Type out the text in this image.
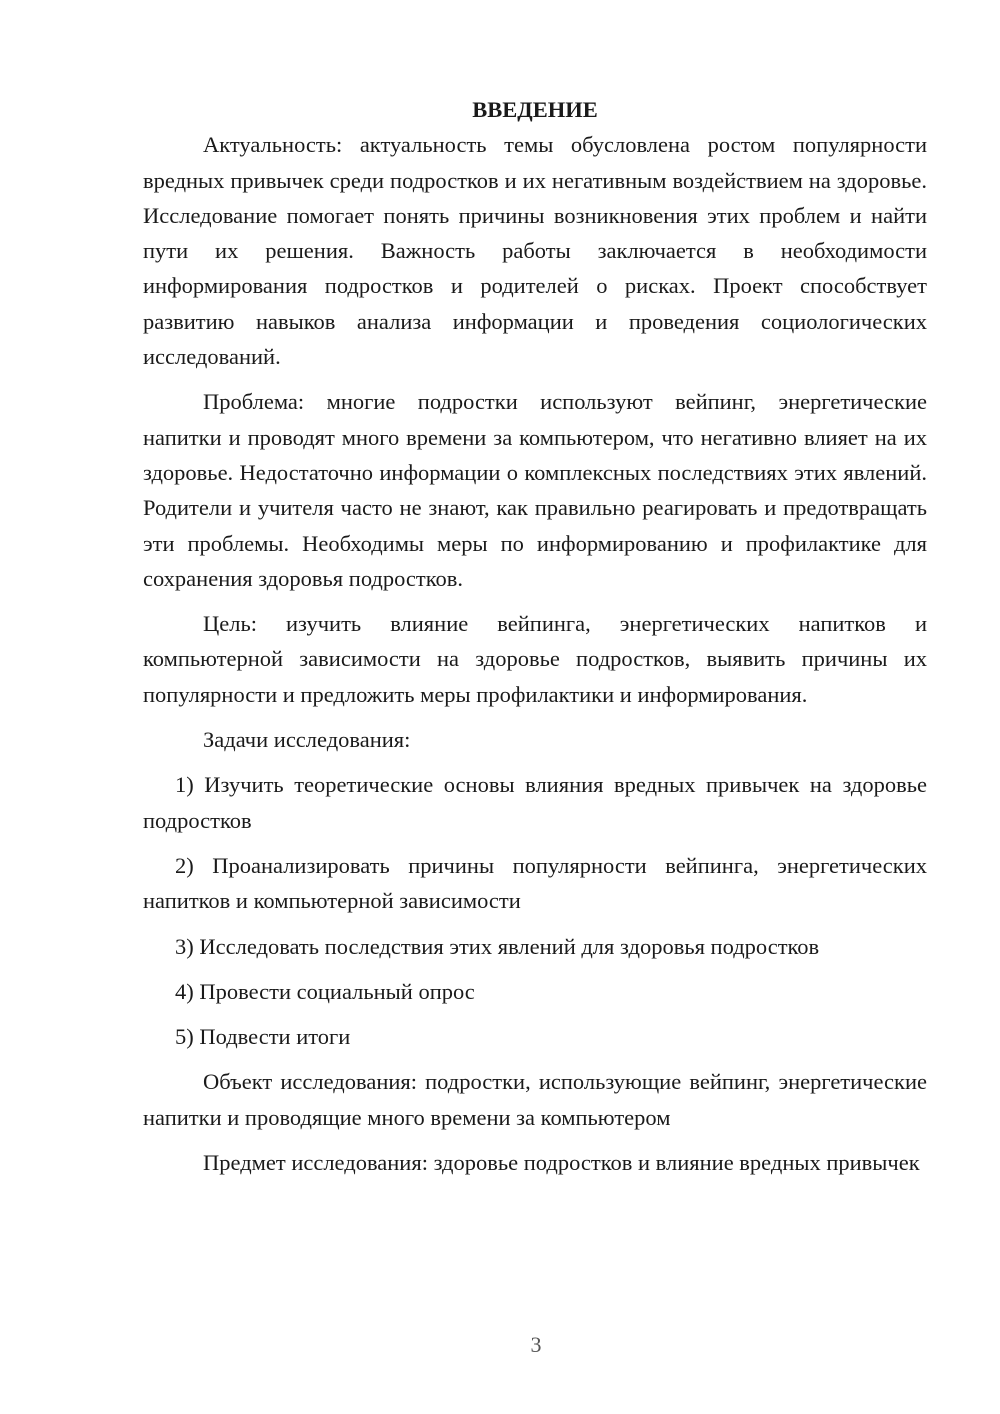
ВВЕДЕНИЕ

Актуальность: актуальность темы обусловлена ростом популярности вредных привычек среди подростков и их негативным воздействием на здоровье. Исследование помогает понять причины возникновения этих проблем и найти пути их решения. Важность работы заключается в необходимости информирования подростков и родителей о рисках. Проект способствует развитию навыков анализа информации и проведения социологических исследований.

Проблема: многие подростки используют вейпинг, энергетические напитки и проводят много времени за компьютером, что негативно влияет на их здоровье. Недостаточно информации о комплексных последствиях этих явлений. Родители и учителя часто не знают, как правильно реагировать и предотвращать эти проблемы. Необходимы меры по информированию и профилактике для сохранения здоровья подростков.

Цель: изучить влияние вейпинга, энергетических напитков и компьютерной зависимости на здоровье подростков, выявить причины их популярности и предложить меры профилактики и информирования.

Задачи исследования:

1) Изучить теоретические основы влияния вредных привычек на здоровье подростков

2) Проанализировать причины популярности вейпинга, энергетических напитков и компьютерной зависимости

3) Исследовать последствия этих явлений для здоровья подростков

4) Провести социальный опрос

5) Подвести итоги

Объект исследования: подростки, использующие вейпинг, энергетические напитки и проводящие много времени за компьютером

Предмет исследования: здоровье подростков и влияние вредных привычек

3
